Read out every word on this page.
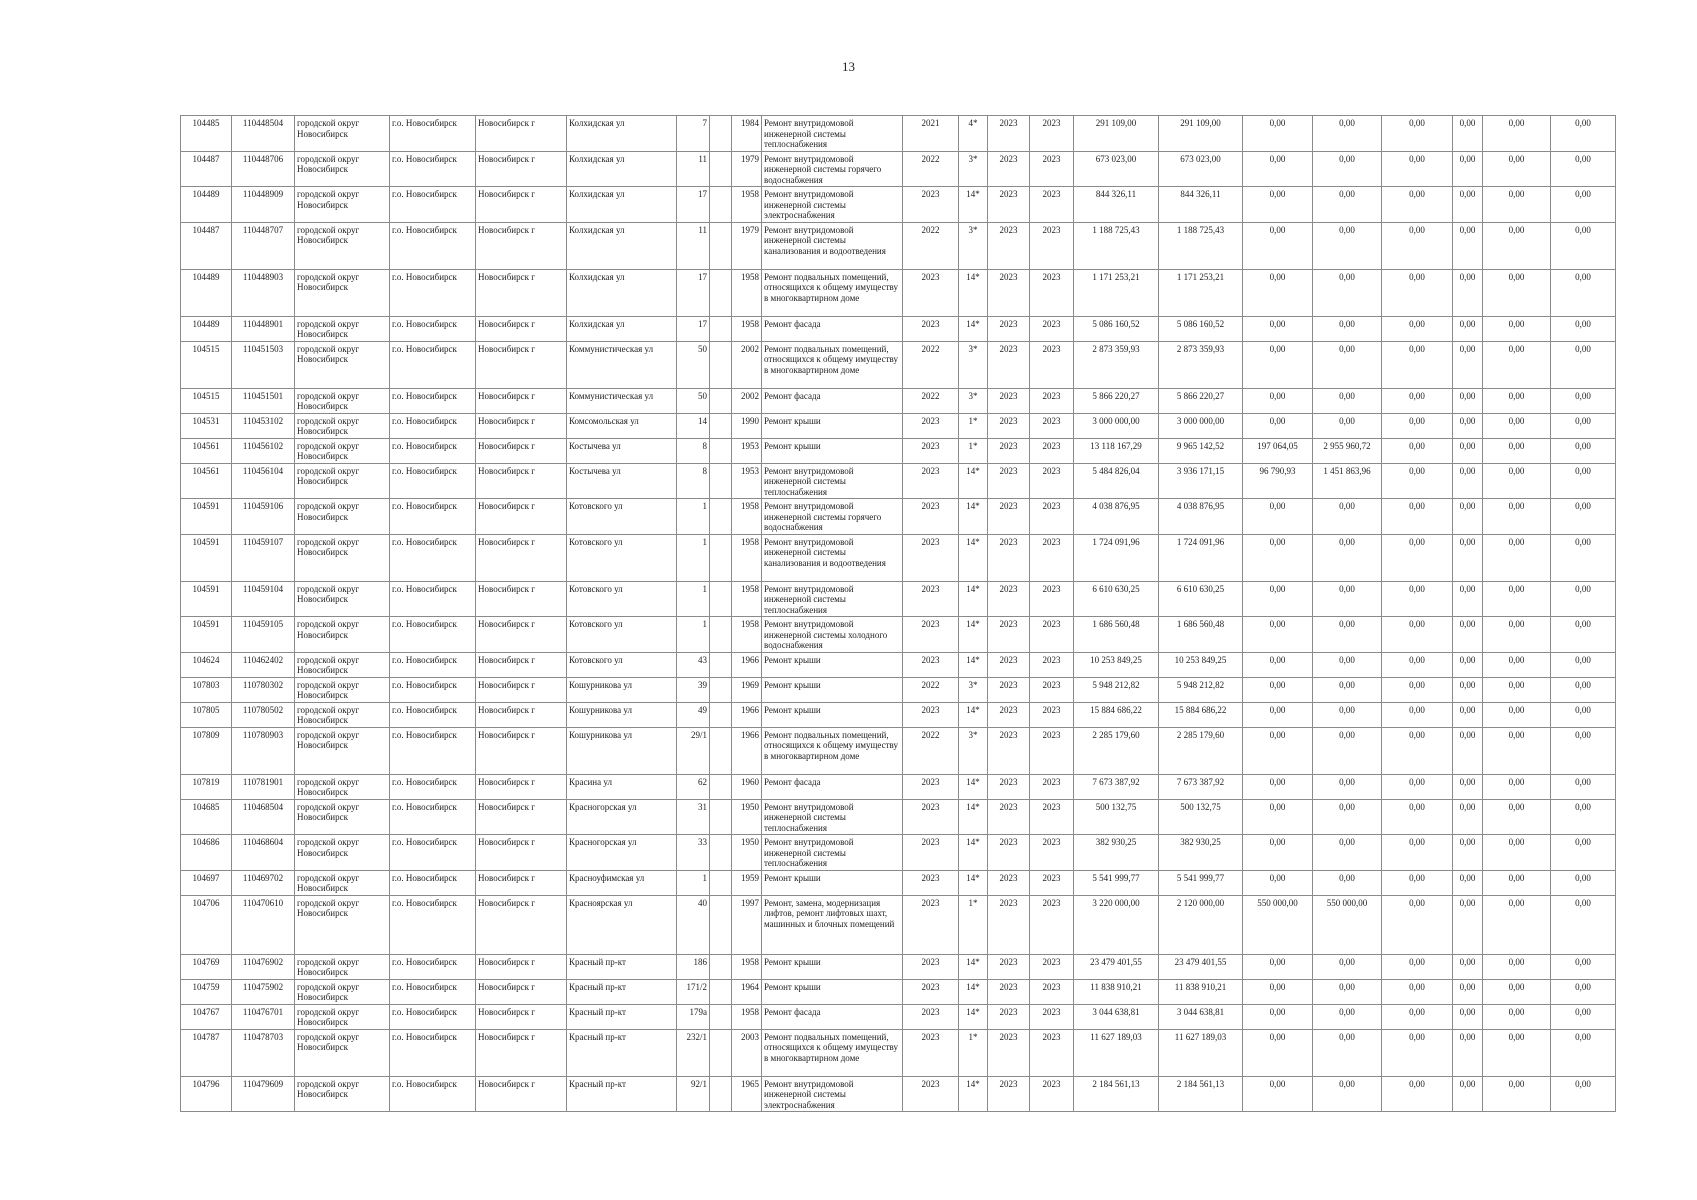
13
104485	110448504	городской округ Новосибирск	г.о. Новосибирск	Новосибирск г	Колхидская ул	7		1984	Ремонт внутридомовой инженерной системы теплоснабжения	2021	4*	2023	2023	291 109,00	291 109,00	0,00	0,00	0,00	0,00	0,00	0,00
104487	110448706	городской округ Новосибирск	г.о. Новосибирск	Новосибирск г	Колхидская ул	11		1979	Ремонт внутридомовой инженерной системы горячего водоснабжения	2022	3*	2023	2023	673 023,00	673 023,00	0,00	0,00	0,00	0,00	0,00	0,00
104489	110448909	городской округ Новосибирск	г.о. Новосибирск	Новосибирск г	Колхидская ул	17		1958	Ремонт внутридомовой инженерной системы электроснабжения	2023	14*	2023	2023	844 326,11	844 326,11	0,00	0,00	0,00	0,00	0,00	0,00
104487	110448707	городской округ Новосибирск	г.о. Новосибирск	Новосибирск г	Колхидская ул	11		1979	Ремонт внутридомовой инженерной системы канализования и водоотведения	2022	3*	2023	2023	1 188 725,43	1 188 725,43	0,00	0,00	0,00	0,00	0,00	0,00
104489	110448903	городской округ Новосибирск	г.о. Новосибирск	Новосибирск г	Колхидская ул	17		1958	Ремонт подвальных помещений, относящихся к общему имуществу в многоквартирном доме	2023	14*	2023	2023	1 171 253,21	1 171 253,21	0,00	0,00	0,00	0,00	0,00	0,00
104489	110448901	городской округ Новосибирск	г.о. Новосибирск	Новосибирск г	Колхидская ул	17		1958	Ремонт фасада	2023	14*	2023	2023	5 086 160,52	5 086 160,52	0,00	0,00	0,00	0,00	0,00	0,00
104515	110451503	городской округ Новосибирск	г.о. Новосибирск	Новосибирск г	Коммунистическая ул	50		2002	Ремонт подвальных помещений, относящихся к общему имуществу в многоквартирном доме	2022	3*	2023	2023	2 873 359,93	2 873 359,93	0,00	0,00	0,00	0,00	0,00	0,00
104515	110451501	городской округ Новосибирск	г.о. Новосибирск	Новосибирск г	Коммунистическая ул	50		2002	Ремонт фасада	2022	3*	2023	2023	5 866 220,27	5 866 220,27	0,00	0,00	0,00	0,00	0,00	0,00
104531	110453102	городской округ Новосибирск	г.о. Новосибирск	Новосибирск г	Комсомольская ул	14		1990	Ремонт крыши	2023	1*	2023	2023	3 000 000,00	3 000 000,00	0,00	0,00	0,00	0,00	0,00	0,00
104561	110456102	городской округ Новосибирск	г.о. Новосибирск	Новосибирск г	Костычева ул	8		1953	Ремонт крыши	2023	1*	2023	2023	13 118 167,29	9 965 142,52	197 064,05	2 955 960,72	0,00	0,00	0,00	0,00
104561	110456104	городской округ Новосибирск	г.о. Новосибирск	Новосибирск г	Костычева ул	8		1953	Ремонт внутридомовой инженерной системы теплоснабжения	2023	14*	2023	2023	5 484 826,04	3 936 171,15	96 790,93	1 451 863,96	0,00	0,00	0,00	0,00
104591	110459106	городской округ Новосибирск	г.о. Новосибирск	Новосибирск г	Котовского ул	1		1958	Ремонт внутридомовой инженерной системы горячего водоснабжения	2023	14*	2023	2023	4 038 876,95	4 038 876,95	0,00	0,00	0,00	0,00	0,00	0,00
104591	110459107	городской округ Новосибирск	г.о. Новосибирск	Новосибирск г	Котовского ул	1		1958	Ремонт внутридомовой инженерной системы канализования и водоотведения	2023	14*	2023	2023	1 724 091,96	1 724 091,96	0,00	0,00	0,00	0,00	0,00	0,00
104591	110459104	городской округ Новосибирск	г.о. Новосибирск	Новосибирск г	Котовского ул	1		1958	Ремонт внутридомовой инженерной системы теплоснабжения	2023	14*	2023	2023	6 610 630,25	6 610 630,25	0,00	0,00	0,00	0,00	0,00	0,00
104591	110459105	городской округ Новосибирск	г.о. Новосибирск	Новосибирск г	Котовского ул	1		1958	Ремонт внутридомовой инженерной системы холодного водоснабжения	2023	14*	2023	2023	1 686 560,48	1 686 560,48	0,00	0,00	0,00	0,00	0,00	0,00
104624	110462402	городской округ Новосибирск	г.о. Новосибирск	Новосибирск г	Котовского ул	43		1966	Ремонт крыши	2023	14*	2023	2023	10 253 849,25	10 253 849,25	0,00	0,00	0,00	0,00	0,00	0,00
107803	110780302	городской округ Новосибирск	г.о. Новосибирск	Новосибирск г	Кошурникова ул	39		1969	Ремонт крыши	2022	3*	2023	2023	5 948 212,82	5 948 212,82	0,00	0,00	0,00	0,00	0,00	0,00
107805	110780502	городской округ Новосибирск	г.о. Новосибирск	Новосибирск г	Кошурникова ул	49		1966	Ремонт крыши	2023	14*	2023	2023	15 884 686,22	15 884 686,22	0,00	0,00	0,00	0,00	0,00	0,00
107809	110780903	городской округ Новосибирск	г.о. Новосибирск	Новосибирск г	Кошурникова ул	29/1		1966	Ремонт подвальных помещений, относящихся к общему имуществу в многоквартирном доме	2022	3*	2023	2023	2 285 179,60	2 285 179,60	0,00	0,00	0,00	0,00	0,00	0,00
107819	110781901	городской округ Новосибирск	г.о. Новосибирск	Новосибирск г	Красина ул	62		1960	Ремонт фасада	2023	14*	2023	2023	7 673 387,92	7 673 387,92	0,00	0,00	0,00	0,00	0,00	0,00
104685	110468504	городской округ Новосибирск	г.о. Новосибирск	Новосибирск г	Красногорская ул	31		1950	Ремонт внутридомовой инженерной системы теплоснабжения	2023	14*	2023	2023	500 132,75	500 132,75	0,00	0,00	0,00	0,00	0,00	0,00
104686	110468604	городской округ Новосибирск	г.о. Новосибирск	Новосибирск г	Красногорская ул	33		1950	Ремонт внутридомовой инженерной системы теплоснабжения	2023	14*	2023	2023	382 930,25	382 930,25	0,00	0,00	0,00	0,00	0,00	0,00
104697	110469702	городской округ Новосибирск	г.о. Новосибирск	Новосибирск г	Красноуфимская ул	1		1959	Ремонт крыши	2023	14*	2023	2023	5 541 999,77	5 541 999,77	0,00	0,00	0,00	0,00	0,00	0,00
104706	110470610	городской округ Новосибирск	г.о. Новосибирск	Новосибирск г	Красноярская ул	40		1997	Ремонт, замена, модернизация лифтов, ремонт лифтовых шахт, машинных и блочных помещений	2023	1*	2023	2023	3 220 000,00	2 120 000,00	550 000,00	550 000,00	0,00	0,00	0,00	0,00
104769	110476902	городской округ Новосибирск	г.о. Новосибирск	Новосибирск г	Красный пр-кт	186		1958	Ремонт крыши	2023	14*	2023	2023	23 479 401,55	23 479 401,55	0,00	0,00	0,00	0,00	0,00	0,00
104759	110475902	городской округ Новосибирск	г.о. Новосибирск	Новосибирск г	Красный пр-кт	171/2		1964	Ремонт крыши	2023	14*	2023	2023	11 838 910,21	11 838 910,21	0,00	0,00	0,00	0,00	0,00	0,00
104767	110476701	городской округ Новосибирск	г.о. Новосибирск	Новосибирск г	Красный пр-кт	179а		1958	Ремонт фасада	2023	14*	2023	2023	3 044 638,81	3 044 638,81	0,00	0,00	0,00	0,00	0,00	0,00
104787	110478703	городской округ Новосибирск	г.о. Новосибирск	Новосибирск г	Красный пр-кт	232/1		2003	Ремонт подвальных помещений, относящихся к общему имуществу в многоквартирном доме	2023	1*	2023	2023	11 627 189,03	11 627 189,03	0,00	0,00	0,00	0,00	0,00	0,00
104796	110479609	городской округ Новосибирск	г.о. Новосибирск	Новосибирск г	Красный пр-кт	92/1		1965	Ремонт внутридомовой инженерной системы электроснабжения	2023	14*	2023	2023	2 184 561,13	2 184 561,13	0,00	0,00	0,00	0,00	0,00	0,00
